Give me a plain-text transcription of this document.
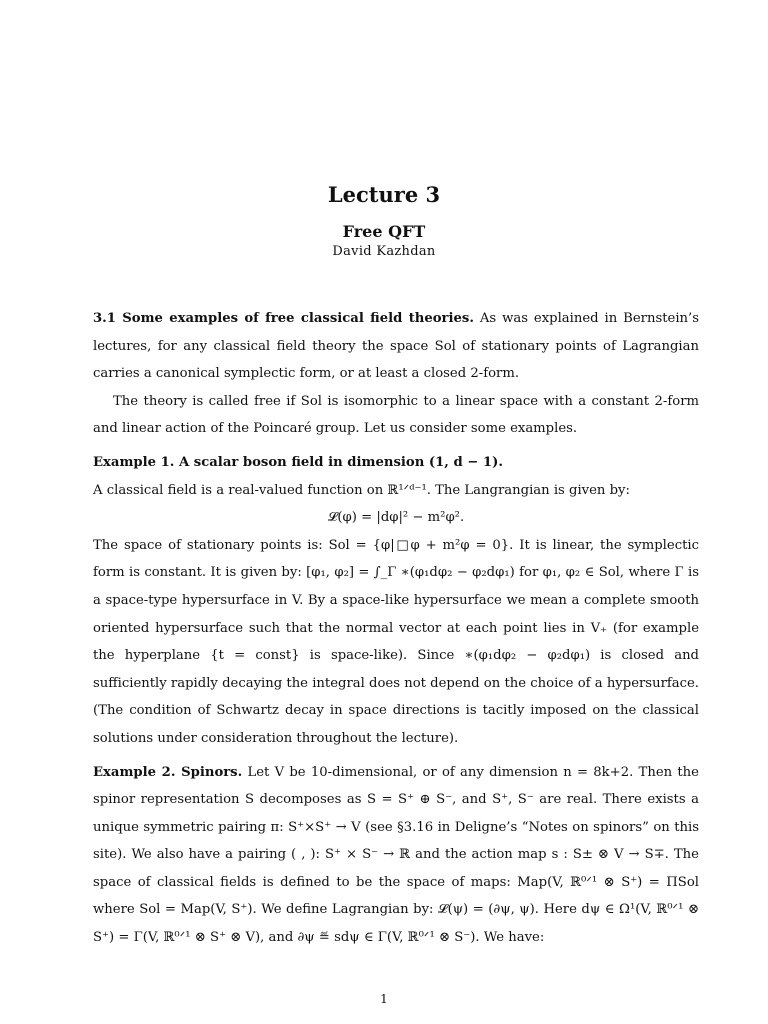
Lecture 3
Free QFT
David Kazhdan

3.1 Some examples of free classical field theories. As was explained in Bernstein’s lectures, for any classical field theory the space Sol of stationary points of Lagrangian carries a canonical symplectic form, or at least a closed 2-form.

The theory is called free if Sol is isomorphic to a linear space with a constant 2-form and linear action of the Poincaré group. Let us consider some examples.

Example 1. A scalar boson field in dimension (1, d − 1).

A classical field is a real-valued function on ℝ¹ᐟᵈ⁻¹. The Langrangian is given by:

𝓛(φ) = |dφ|² − m²φ².

The space of stationary points is: Sol = {φ|□φ + m²φ = 0}. It is linear, the symplectic form is constant. It is given by: [φ₁, φ₂] = ∫_Γ ∗(φ₁dφ₂ − φ₂dφ₁) for φ₁, φ₂ ∈ Sol, where Γ is a space-type hypersurface in V. By a space-like hypersurface we mean a complete smooth oriented hypersurface such that the normal vector at each point lies in V₊ (for example the hyperplane {t = const} is space-like). Since ∗(φ₁dφ₂ − φ₂dφ₁) is closed and sufficiently rapidly decaying the integral does not depend on the choice of a hypersurface. (The condition of Schwartz decay in space directions is tacitly imposed on the classical solutions under consideration throughout the lecture).

Example 2. Spinors. Let V be 10-dimensional, or of any dimension n = 8k+2. Then the spinor representation S decomposes as S = S⁺ ⊕ S⁻, and S⁺, S⁻ are real. There exists a unique symmetric pairing π: S⁺×S⁺ → V (see §3.16 in Deligne’s “Notes on spinors” on this site). We also have a pairing ( , ): S⁺ × S⁻ → ℝ and the action map s : S± ⊗ V → S∓. The space of classical fields is defined to be the space of maps: Map(V, ℝ⁰ᐟ¹ ⊗ S⁺) = ΠSol where Sol = Map(V, S⁺). We define Lagrangian by: 𝓛(ψ) = (∂ψ, ψ). Here dψ ∈ Ω¹(V, ℝ⁰ᐟ¹ ⊗ S⁺) = Γ(V, ℝ⁰ᐟ¹ ⊗ S⁺ ⊗ V), and ∂ψ ≝ sdψ ∈ Γ(V, ℝ⁰ᐟ¹ ⊗ S⁻). We have:

1
